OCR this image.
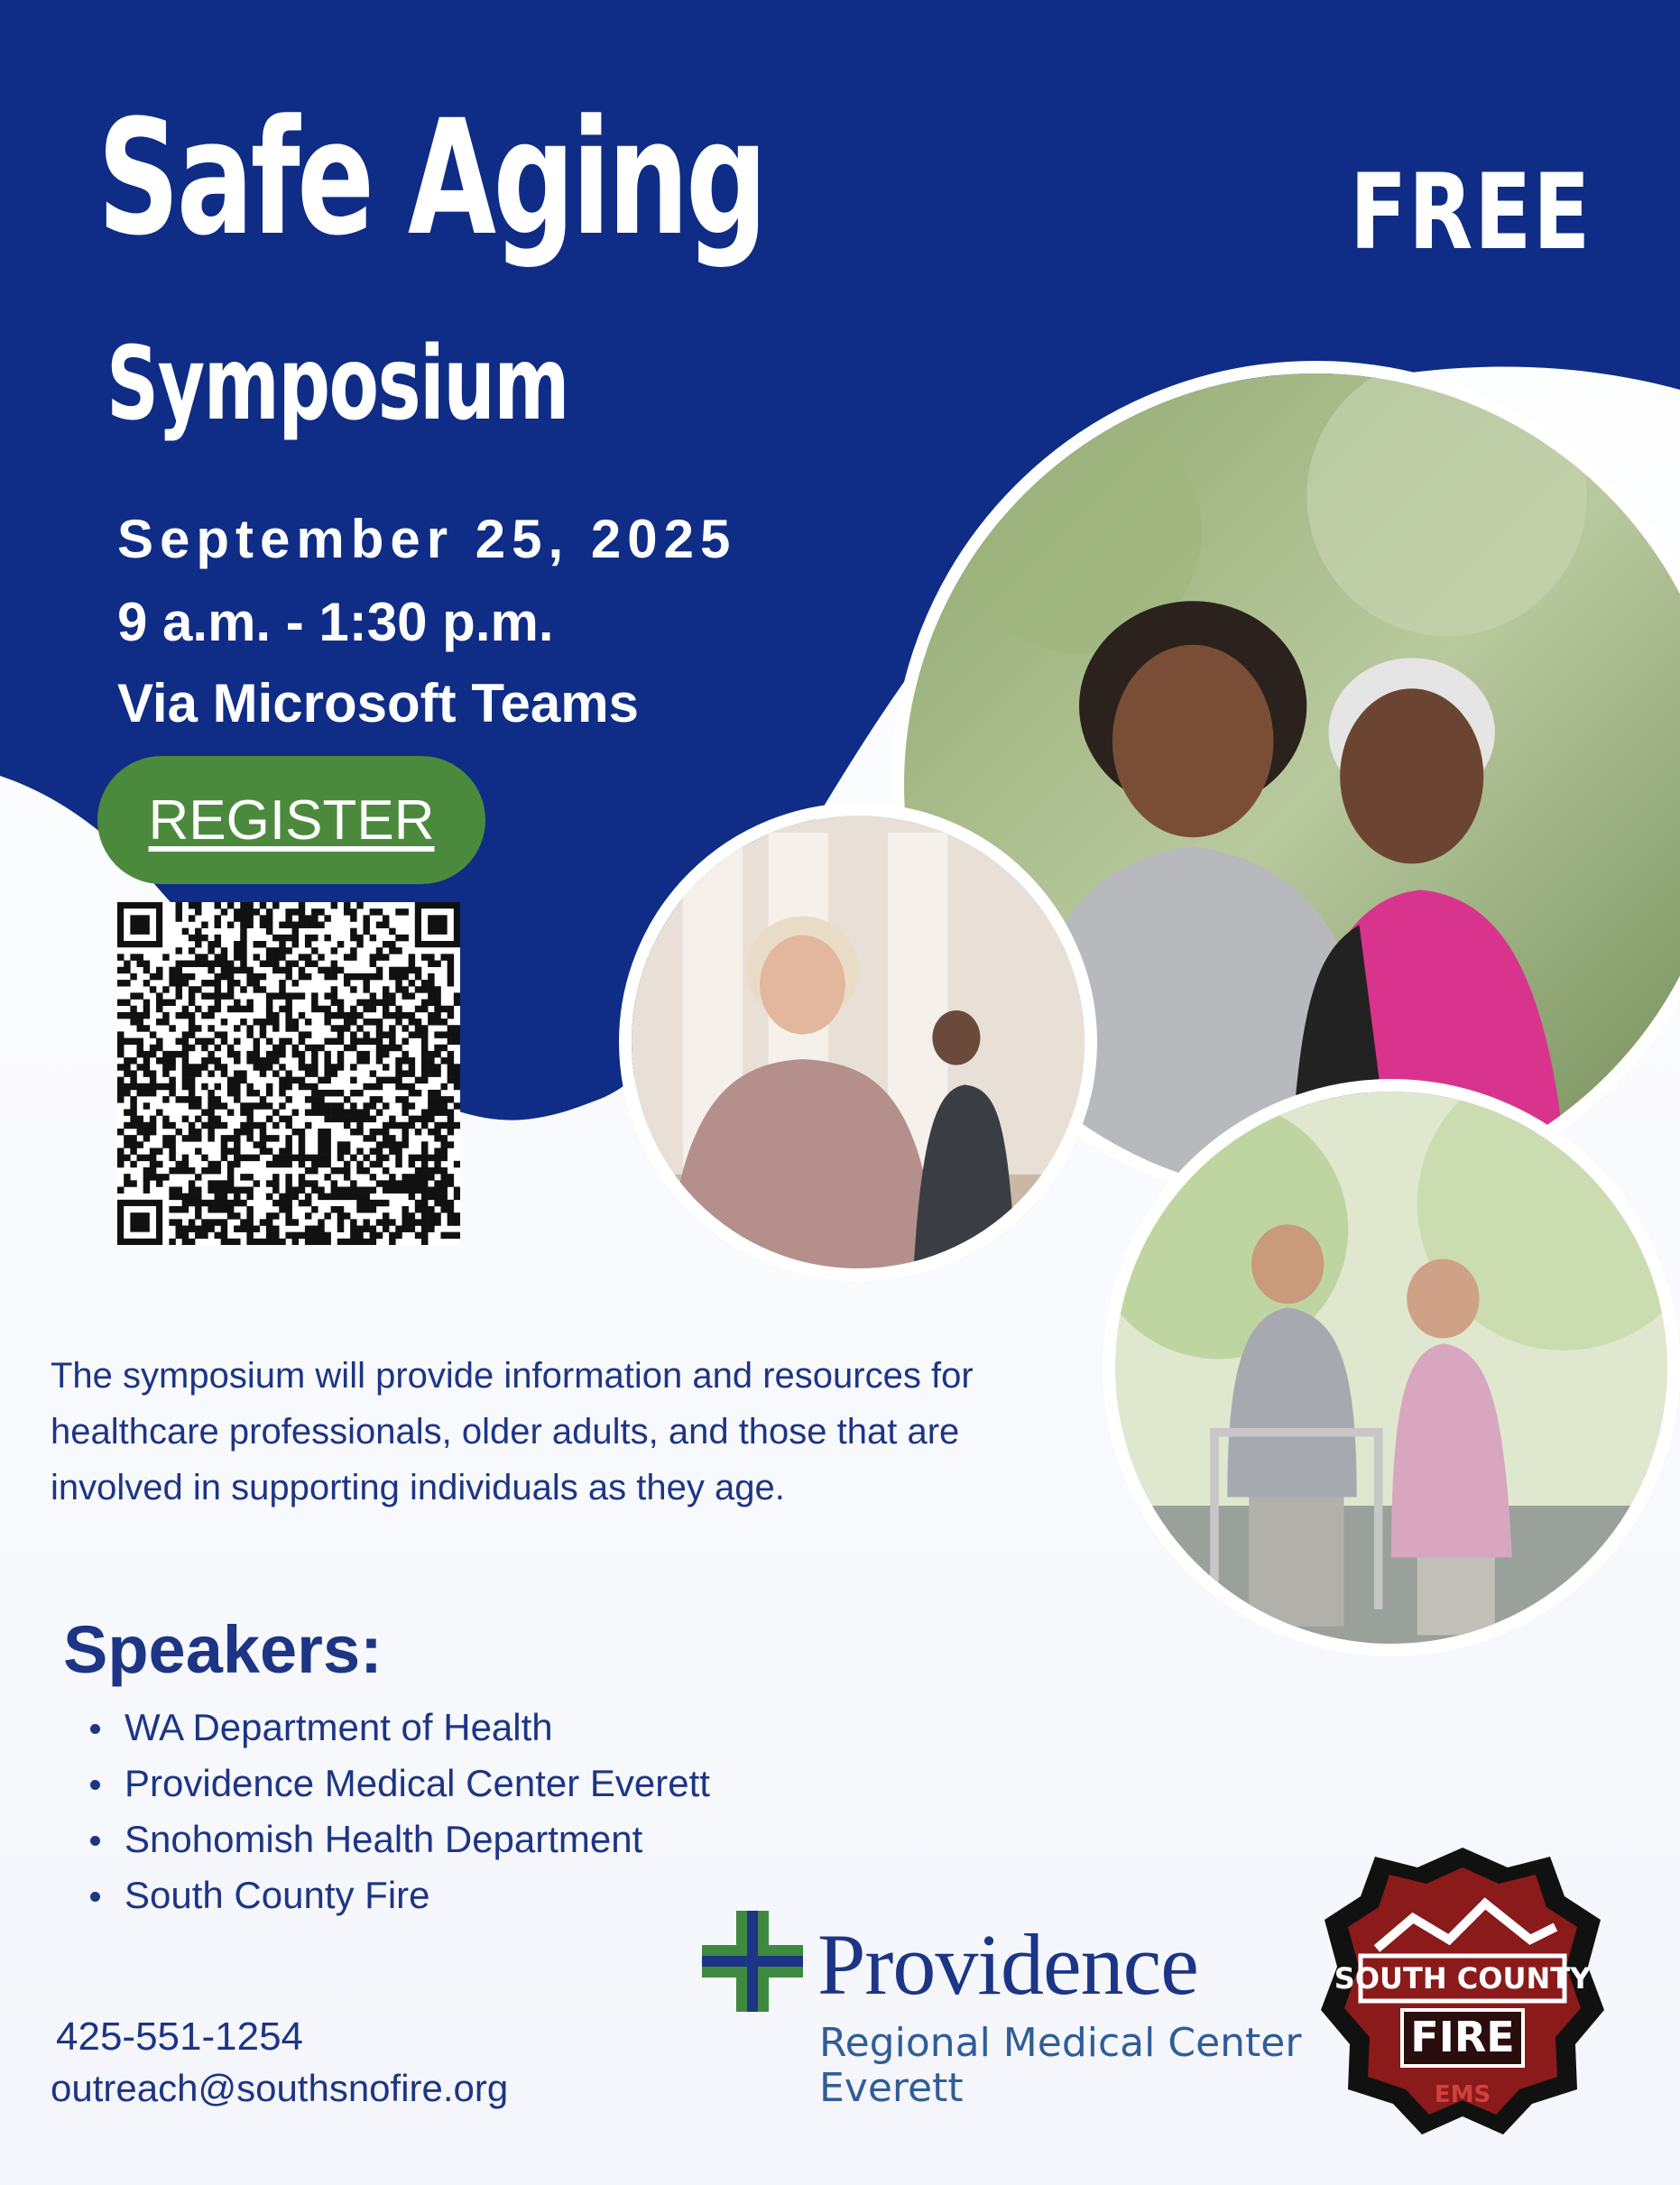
Safe Aging
Symposium
FREE
September 25, 2025
9 a.m. - 1:30 p.m.
Via Microsoft Teams
REGISTER
The symposium will provide information and resources for healthcare professionals, older adults, and those that are involved in supporting individuals as they age.
Speakers:
WA Department of Health
Providence Medical Center Everett
Snohomish Health Department
South County Fire
425-551-1254
outreach@southsnofire.org
Providence
Regional Medical Center
Everett
SOUTH COUNTY
FIRE
EMS
